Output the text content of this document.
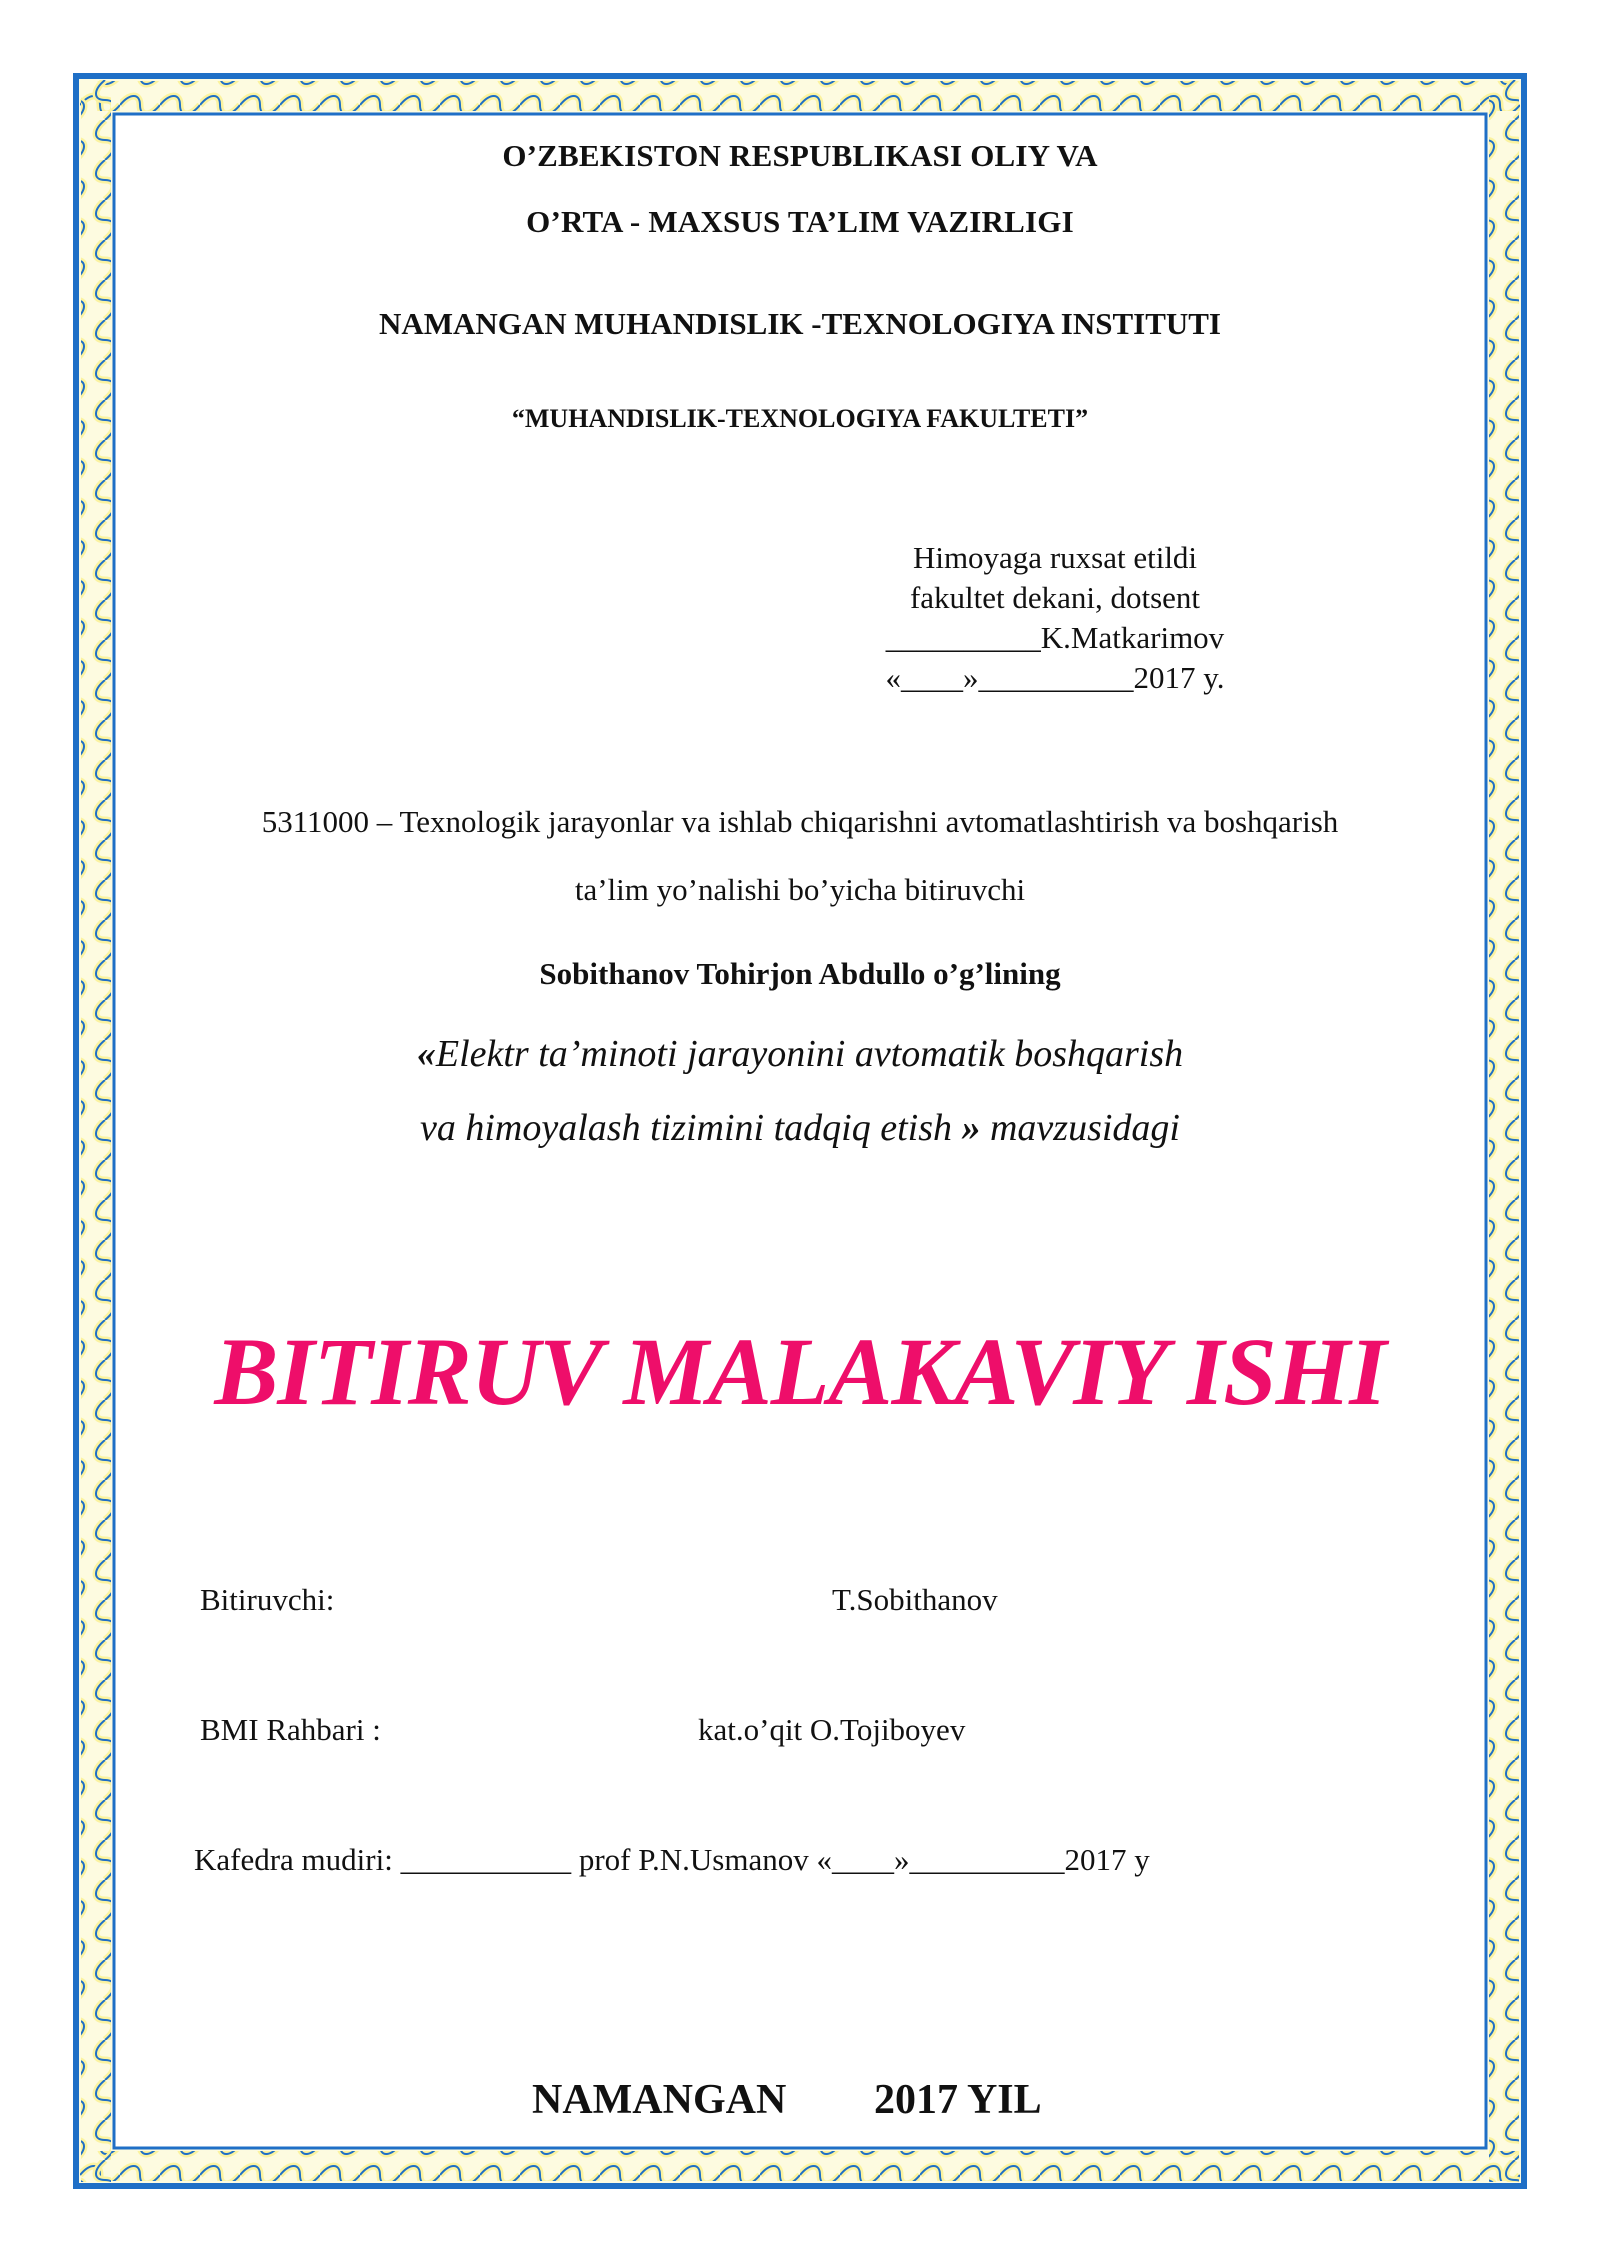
O’ZBEKISTON RESPUBLIKASI OLIY VA
O’RTA - MAXSUS TA’LIM VAZIRLIGI
NAMANGAN MUHANDISLIK -TEXNOLOGIYA INSTITUTI
“MUHANDISLIK-TEXNOLOGIYA FAKULTETI”
Himoyaga ruxsat etildi
fakultet dekani, dotsent
__________K.Matkarimov
«____»__________2017 y.
5311000 – Texnologik jarayonlar va ishlab chiqarishni avtomatlashtirish va boshqarish
ta’lim yo’nalishi bo’yicha bitiruvchi
Sobithanov Tohirjon Abdullo o’g’lining
«Elektr ta’minoti jarayonini avtomatik boshqarish
va himoyalash tizimini tadqiq etish » mavzusidagi
BITIRUV MALAKAVIY ISHI
Bitiruvchi:	T.Sobithanov
BMI Rahbari :	kat.o’qit O.Tojiboyev
Kafedra mudiri: ___________ prof P.N.Usmanov «____»__________2017 y
NAMANGAN 2017 YIL
